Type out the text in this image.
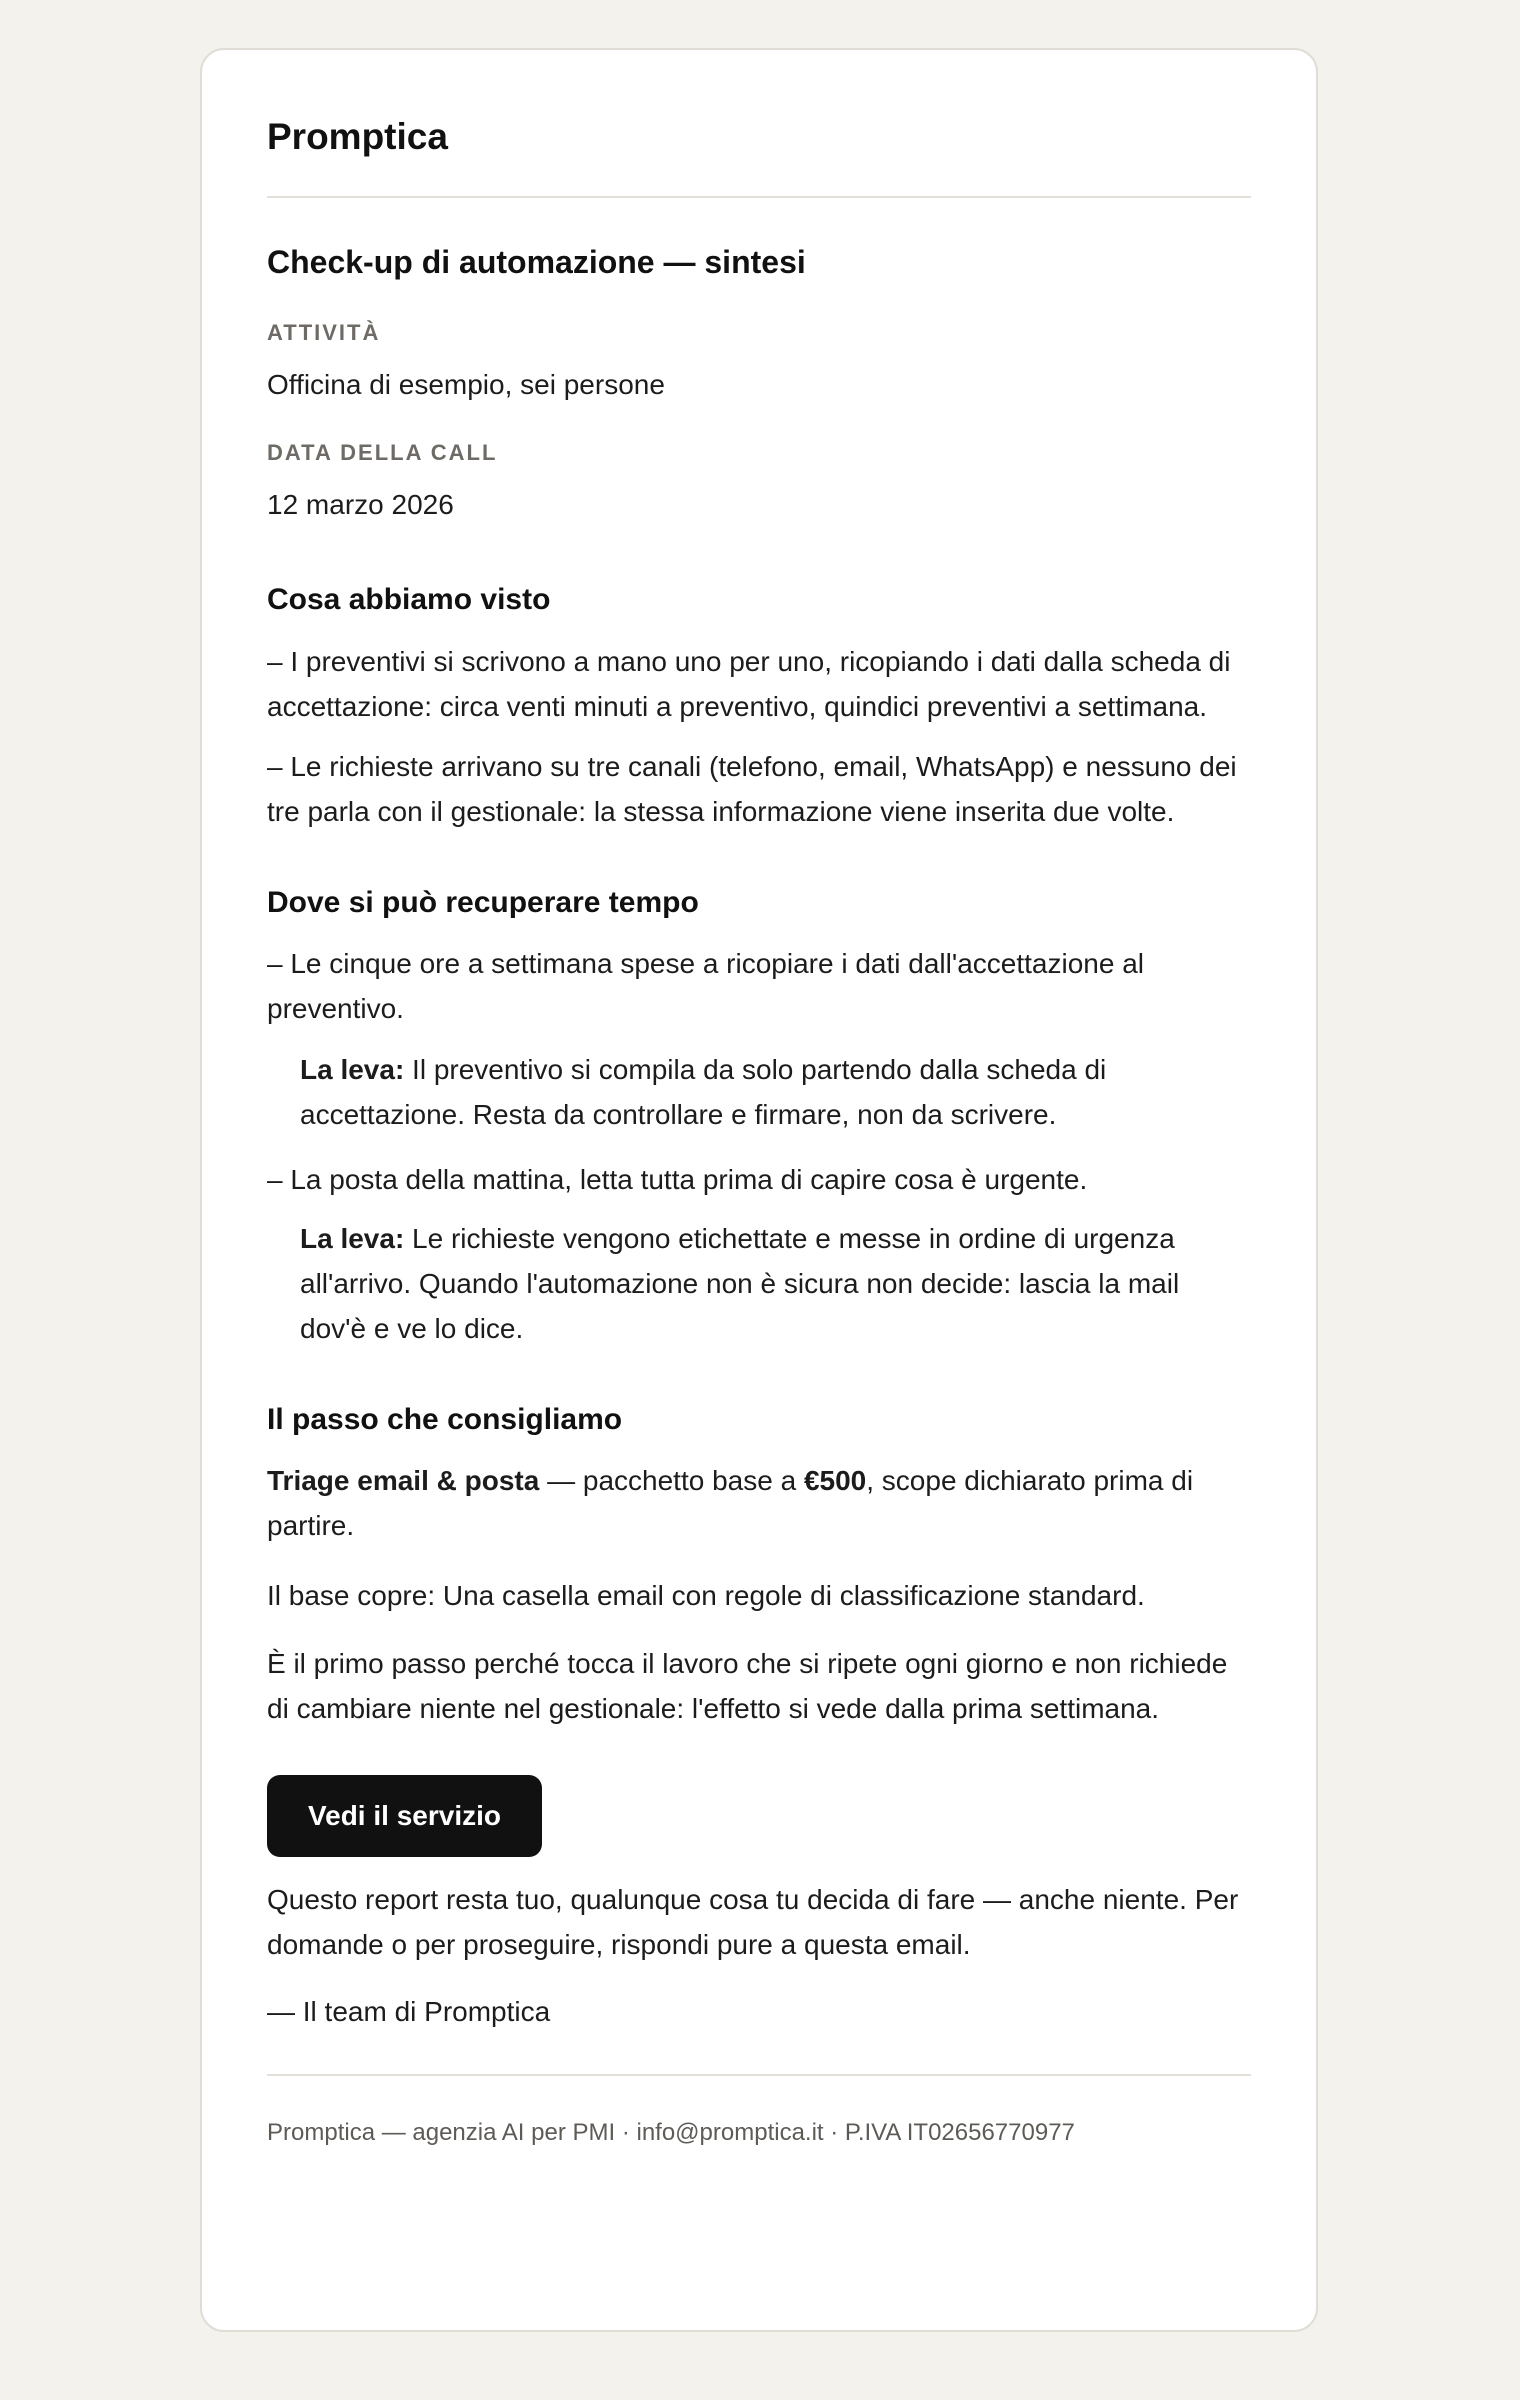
Promptica
Check-up di automazione — sintesi
ATTIVITÀ
Officina di esempio, sei persone
DATA DELLA CALL
12 marzo 2026
Cosa abbiamo visto
– I preventivi si scrivono a mano uno per uno, ricopiando i dati dalla scheda di accettazione: circa venti minuti a preventivo, quindici preventivi a settimana.
– Le richieste arrivano su tre canali (telefono, email, WhatsApp) e nessuno dei tre parla con il gestionale: la stessa informazione viene inserita due volte.
Dove si può recuperare tempo
– Le cinque ore a settimana spese a ricopiare i dati dall'accettazione al preventivo.
La leva: Il preventivo si compila da solo partendo dalla scheda di accettazione. Resta da controllare e firmare, non da scrivere.
– La posta della mattina, letta tutta prima di capire cosa è urgente.
La leva: Le richieste vengono etichettate e messe in ordine di urgenza all'arrivo. Quando l'automazione non è sicura non decide: lascia la mail dov'è e ve lo dice.
Il passo che consigliamo
Triage email & posta — pacchetto base a €500, scope dichiarato prima di partire.
Il base copre: Una casella email con regole di classificazione standard.
È il primo passo perché tocca il lavoro che si ripete ogni giorno e non richiede di cambiare niente nel gestionale: l'effetto si vede dalla prima settimana.
Vedi il servizio
Questo report resta tuo, qualunque cosa tu decida di fare — anche niente. Per domande o per proseguire, rispondi pure a questa email.
— Il team di Promptica
Promptica — agenzia AI per PMI · info@promptica.it · P.IVA IT02656770977
